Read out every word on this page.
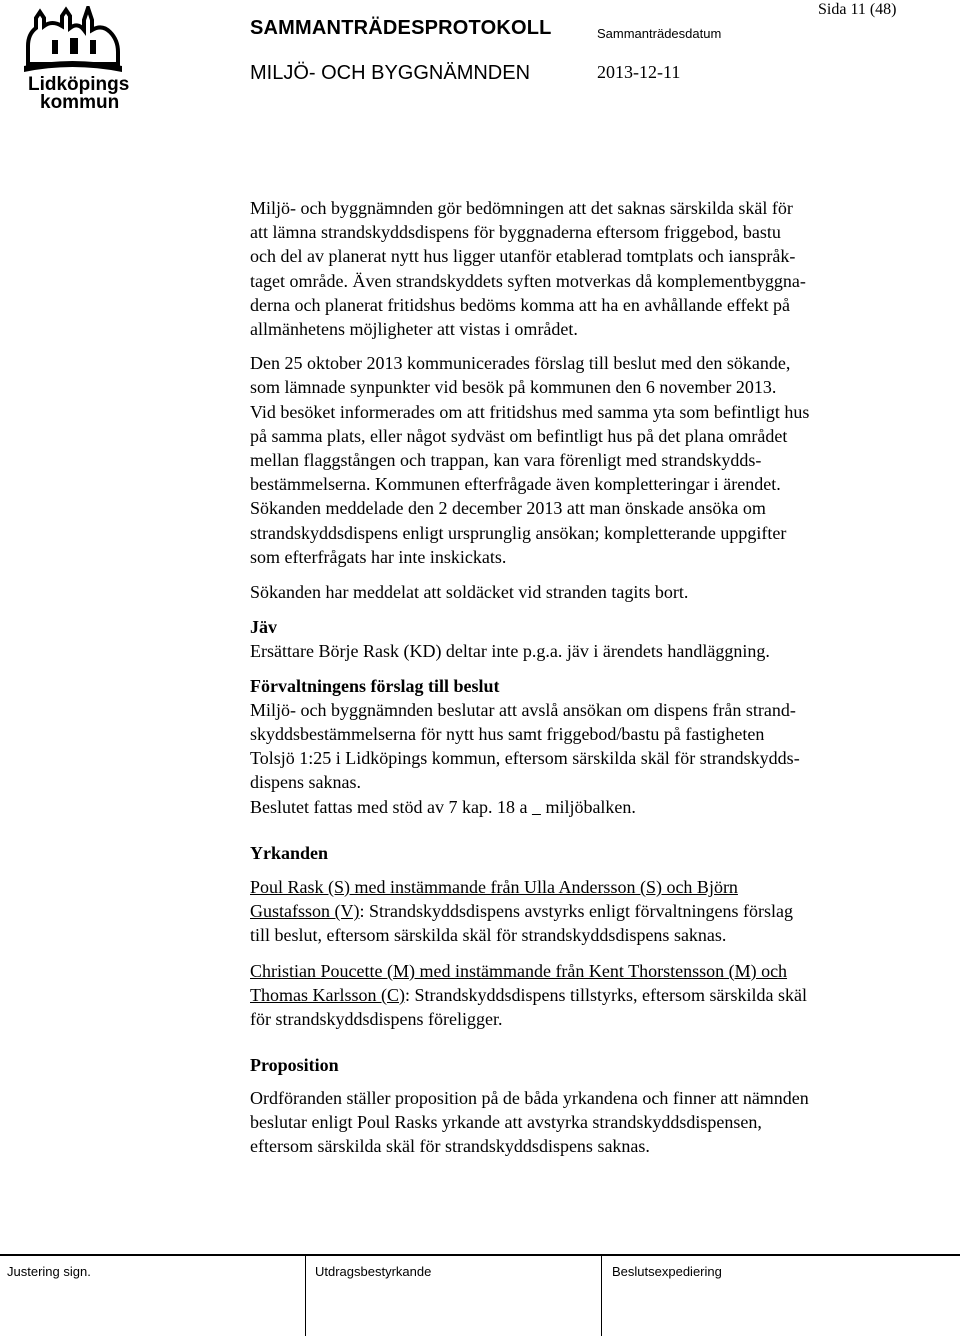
Lidköpings
kommun
SAMMANTRÄDESPROTOKOLL	Sammanträdesdatum
Sida 11 (48)
MILJÖ- OCH BYGGNÄMNDEN	2013-12-11

Miljö- och byggnämnden gör bedömningen att det saknas särskilda skäl för
att lämna strandskyddsdispens för byggnaderna eftersom friggebod, bastu
och del av planerat nytt hus ligger utanför etablerad tomtplats och ianspråk-
taget område. Även strandskyddets syften motverkas då komplementbyggna-
derna och planerat fritidshus bedöms komma att ha en avhållande effekt på
allmänhetens möjligheter att vistas i området.

Den 25 oktober 2013 kommunicerades förslag till beslut med den sökande,
som lämnade synpunkter vid besök på kommunen den 6 november 2013.
Vid besöket informerades om att fritidshus med samma yta som befintligt hus
på samma plats, eller något sydväst om befintligt hus på det plana området
mellan flaggstången och trappan, kan vara förenligt med strandskydds-
bestämmelserna. Kommunen efterfrågade även kompletteringar i ärendet.
Sökanden meddelade den 2 december 2013 att man önskade ansöka om
strandskyddsdispens enligt ursprunglig ansökan; kompletterande uppgifter
som efterfrågats har inte inskickats.

Sökanden har meddelat att soldäcket vid stranden tagits bort.

Jäv
Ersättare Börje Rask (KD) deltar inte p.g.a. jäv i ärendets handläggning.

Förvaltningens förslag till beslut
Miljö- och byggnämnden beslutar att avslå ansökan om dispens från strand-
skyddsbestämmelserna för nytt hus samt friggebod/bastu på fastigheten
Tolsjö 1:25 i Lidköpings kommun, eftersom särskilda skäl för strandskydds-
dispens saknas.
Beslutet fattas med stöd av 7 kap. 18 a    miljöbalken.

Yrkanden

Poul Rask (S) med instämmande från Ulla Andersson (S) och Björn
Gustafsson (V): Strandskyddsdispens avstyrks enligt förvaltningens förslag
till beslut, eftersom särskilda skäl för strandskyddsdispens saknas.

Christian Poucette (M) med instämmande från Kent Thorstensson (M) och
Thomas Karlsson (C): Strandskyddsdispens tillstyrks, eftersom särskilda skäl
för strandskyddsdispens föreligger.

Proposition

Ordföranden ställer proposition på de båda yrkandena och finner att nämnden
beslutar enligt Poul Rasks yrkande att avstyrka strandskyddsdispensen,
eftersom särskilda skäl för strandskyddsdispens saknas.

Justering sign.	Utdragsbestyrkande	Beslutsexpediering
